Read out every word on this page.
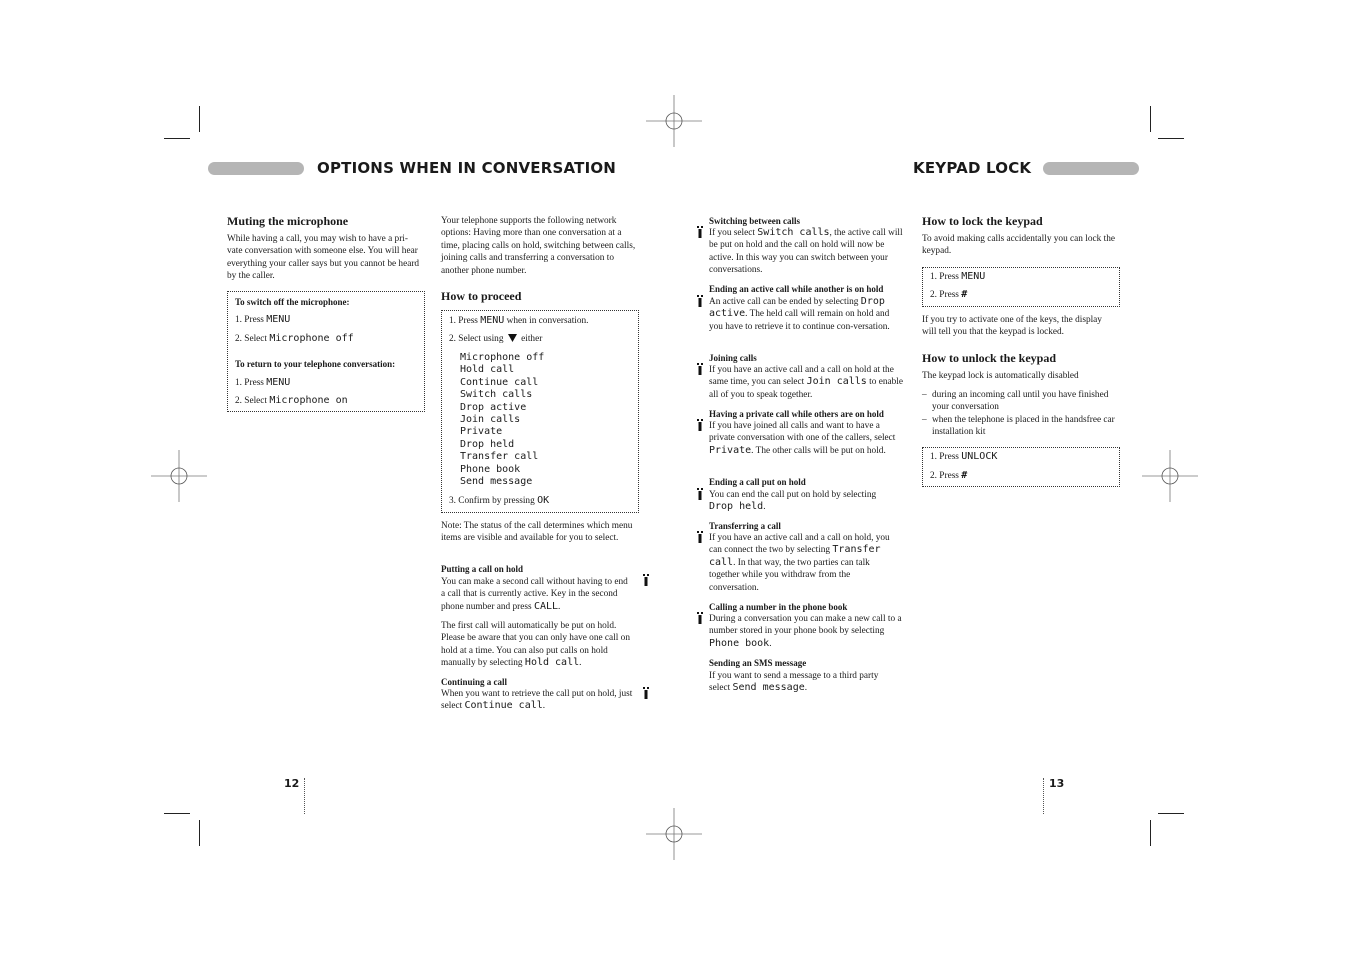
OPTIONS WHEN IN CONVERSATION	KEYPAD LOCK
Muting the microphone
While having a call, you may wish to have a pri-vate conversation with someone else. You will hear everything your caller says but you cannot be heard by the caller.
To switch off the microphone:
1. Press MENU
2. Select Microphone off
To return to your telephone conversation:
1. Press MENU
2. Select Microphone on
12
Your telephone supports the following network options: Having more than one conversation at a time, placing calls on hold, switching between calls, joining calls and transferring a conversation to another phone number.
How to proceed
1. Press MENU when in conversation.
2. Select using  either
Microphone off
Hold call
Continue call
Switch calls
Drop active
Join calls
Private
Drop held
Transfer call
Phone book
Send message
3. Confirm by pressing OK
Note: The status of the call determines which menu items are visible and available for you to select.
Putting a call on hold
You can make a second call without having to end a call that is currently active. Key in the second phone number and press CALL.
The first call will automatically be put on hold. Please be aware that you can only have one call on hold at a time. You can also put calls on hold manually by selecting Hold call.
Continuing a call
When you want to retrieve the call put on hold, just select Continue call.
Switching between calls
If you select Switch calls, the active call will be put on hold and the call on hold will now be active. In this way you can switch between your conversations.
Ending an active call while another is on hold
An active call can be ended by selecting Drop active. The held call will remain on hold and you have to retrieve it to continue con-versation.
Joining calls
If you have an active call and a call on hold at the same time, you can select Join calls to enable all of you to speak together.
Having a private call while others are on hold
If you have joined all calls and want to have a private conversation with one of the callers, select Private. The other calls will be put on hold.
Ending a call put on hold
You can end the call put on hold by selecting Drop held.
Transferring a call
If you have an active call and a call on hold, you can connect the two by selecting Transfer call. In that way, the two parties can talk together while you withdraw from the conversation.
Calling a number in the phone book
During a conversation you can make a new call to a number stored in your phone book by selecting Phone book.
Sending an SMS message
If you want to send a message to a third party select Send message.
How to lock the keypad
To avoid making calls accidentally you can lock the keypad.
1. Press MENU
2. Press #
If you try to activate one of the keys, the display will tell you that the keypad is locked.
How to unlock the keypad
The keypad lock is automatically disabled
– during an incoming call until you have finished your conversation
– when the telephone is placed in the handsfree car installation kit
1. Press UNLOCK
2. Press #
13
